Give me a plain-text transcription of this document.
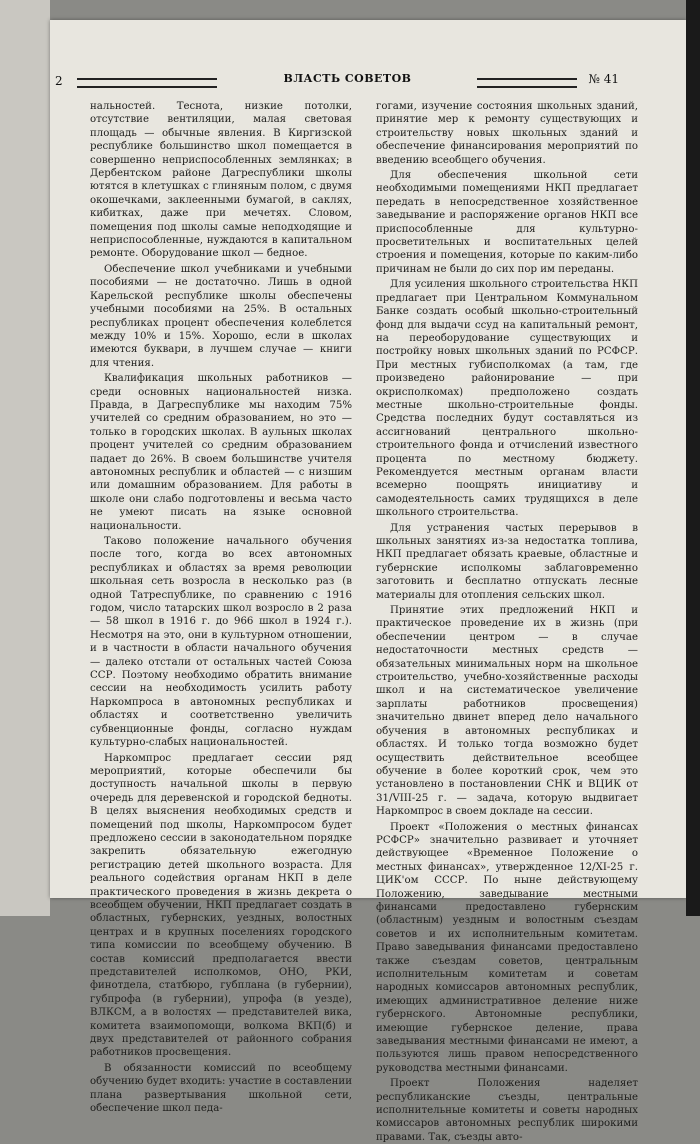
2	ВЛАСТЬ СОВЕТОВ	№ 41

нальностей. Теснота, низкие потолки, отсутствие вентиляции, малая световая площадь — обычные явления. В Киргизской республике большинство школ помещается в совершенно неприспособленных землянках; в Дербентском районе Дагреспублики школы ютятся в клетушках с глиняным полом, с двумя окошечками, заклеенными бумагой, в саклях, кибитках, даже при мечетях. Словом, помещения под школы самые неподходящие и неприспособленные, нуждаются в капитальном ремонте. Оборудование школ — бедное.

Обеспечение школ учебниками и учебными пособиями — не достаточно. Лишь в одной Карельской республике школы обеспечены учебными пособиями на 25%. В остальных республиках процент обеспечения колеблется между 10% и 15%. Хорошо, если в школах имеются буквари, в лучшем случае — книги для чтения.

Квалификация школьных работников — среди основных национальностей низка. Правда, в Дагреспублике мы находим 75% учителей со средним образованием, но это — только в городских школах. В аульных школах процент учителей со средним образованием падает до 26%. В своем большинстве учителя автономных республик и областей — с низшим или домашним образованием. Для работы в школе они слабо подготовлены и весьма часто не умеют писать на языке основной национальности.

Таково положение начального обучения после того, когда во всех автономных республиках и областях за время революции школьная сеть возросла в несколько раз (в одной Татреспублике, по сравнению с 1916 годом, число татарских школ возросло в 2 раза — 58 школ в 1916 г. до 966 школ в 1924 г.). Несмотря на это, они в культурном отношении, и в частности в области начального обучения — далеко отстали от остальных частей Союза ССР. Поэтому необходимо обратить внимание сессии на необходимость усилить работу Наркомпроса в автономных республиках и областях и соответственно увеличить субвенционные фонды, согласно нуждам культурно-слабых национальностей.

Наркомпрос предлагает сессии ряд мероприятий, которые обеспечили бы доступность начальной школы в первую очередь для деревенской и городской бедноты. В целях выяснения необходимых средств и помещений под школы, Наркомпросом будет предложено сессии в законодательном порядке закрепить обязательную ежегодную регистрацию детей школьного возраста. Для реального содействия органам НКП в деле практического проведения в жизнь декрета о всеобщем обучении, НКП предлагает создать в областных, губернских, уездных, волостных центрах и в крупных поселениях городского типа комиссии по всеобщему обучению. В состав комиссий предполагается ввести представителей исполкомов, ОНО, РКИ, финотдела, статбюро, губплана (в губернии), губпрофа (в губернии), упрофа (в уезде), ВЛКСМ, а в волостях — представителей вика, комитета взаимопомощи, волкома ВКП(б) и двух представителей от районного собрания работников просвещения.

В обязанности комиссий по всеобщему обучению будет входить: участие в составлении плана развертывания школьной сети, обеспечение школ педа-

гогами, изучение состояния школьных зданий, принятие мер к ремонту существующих и строительству новых школьных зданий и обеспечение финансирования мероприятий по введению всеобщего обучения.

Для обеспечения школьной сети необходимыми помещениями НКП предлагает передать в непосредственное хозяйственное заведывание и распоряжение органов НКП все приспособленные для культурно-просветительных и воспитательных целей строения и помещения, которые по каким-либо причинам не были до сих пор им переданы.

Для усиления школьного строительства НКП предлагает при Центральном Коммунальном Банке создать особый школьно-строительный фонд для выдачи ссуд на капитальный ремонт, на переоборудование существующих и постройку новых школьных зданий по РСФСР. При местных губисполкомах (а там, где произведено районирование — при окрисполкомах) предположено создать местные школьно-строительные фонды. Средства последних будут составляться из ассигнований центрального школьно-строительного фонда и отчислений известного процента по местному бюджету. Рекомендуется местным органам власти всемерно поощрять инициативу и самодеятельность самих трудящихся в деле школьного строительства.

Для устранения частых перерывов в школьных занятиях из-за недостатка топлива, НКП предлагает обязать краевые, областные и губернские исполкомы заблаговременно заготовить и бесплатно отпускать лесные материалы для отопления сельских школ.

Принятие этих предложений НКП и практическое проведение их в жизнь (при обеспечении центром — в случае недостаточности местных средств — обязательных минимальных норм на школьное строительство, учебно-хозяйственные расходы школ и на систематическое увеличение зарплаты работников просвещения) значительно двинет вперед дело начального обучения в автономных республиках и областях. И только тогда возможно будет осуществить действительное всеобщее обучение в более короткий срок, чем это установлено в постановлении СНК и ВЦИК от 31/VIII-25 г. — задача, которую выдвигает Наркомпрос в своем докладе на сессии.

Проект «Положения о местных финансах РСФСР» значительно развивает и уточняет действующее «Временное Положение о местных финансах», утвержденное 12/XI-25 г. ЦИК'ом СССР. По ныне действующему Положению, заведывание местными финансами предоставлено губернским (областным) уездным и волостным съездам советов и их исполнительным комитетам. Право заведывания финансами предоставлено также съездам советов, центральным исполнительным комитетам и советам народных комиссаров автономных республик, имеющих административное деление ниже губернского. Автономные республики, имеющие губернское деление, права заведывания местными финансами не имеют, а пользуются лишь правом непосредственного руководства местными финансами.

Проект Положения наделяет республиканские съезды, центральные исполнительные комитеты и советы народных комиссаров автономных республик широкими правами. Так, съезды авто-
